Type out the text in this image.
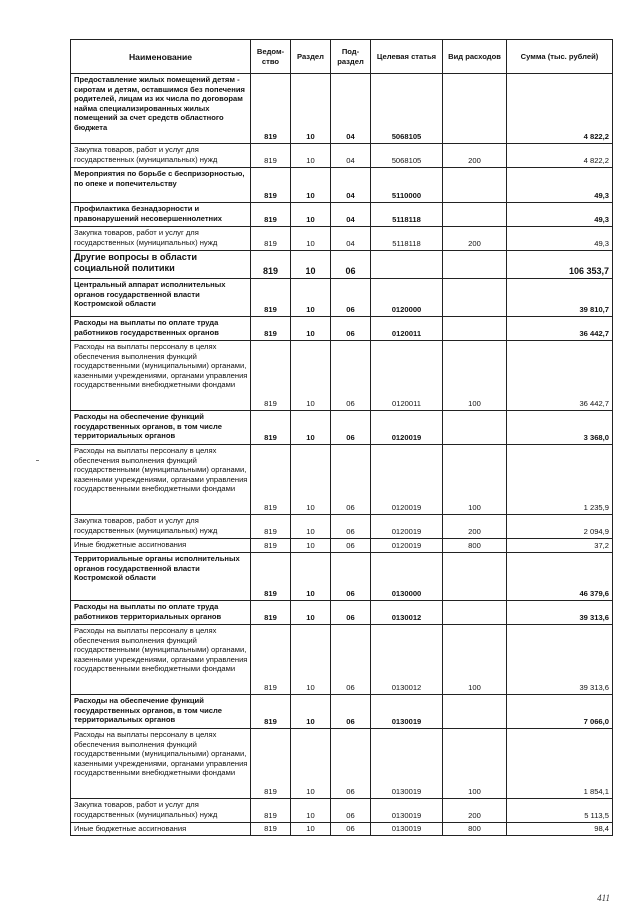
Наименование	Ведом-ство	Раздел	Под-раздел	Целевая статья	Вид расходов	Сумма (тыс. рублей)
Предоставление жилых помещений детям - сиротам и детям, оставшимся без попечения родителей, лицам из их числа по договорам найма специализированных жилых помещений за счет средств областного бюджета	819	10	04	5068105		4 822,2
Закупка товаров, работ и услуг для государственных (муниципальных) нужд	819	10	04	5068105	200	4 822,2
Мероприятия по борьбе с беспризорностью, по опеке и попечительству	819	10	04	5110000		49,3
Профилактика безнадзорности и правонарушений несовершеннолетних	819	10	04	5118118		49,3
Закупка товаров, работ и услуг для государственных (муниципальных) нужд	819	10	04	5118118	200	49,3
Другие вопросы в области социальной политики	819	10	06			106 353,7
Центральный аппарат исполнительных органов государственной власти Костромской области	819	10	06	0120000		39 810,7
Расходы на выплаты по оплате труда работников государственных органов	819	10	06	0120011		36 442,7
Расходы на выплаты персоналу в целях обеспечения выполнения функций государственными (муниципальными) органами, казенными учреждениями, органами управления государственными внебюджетными фондами	819	10	06	0120011	100	36 442,7
Расходы на обеспечение функций государственных органов, в том числе территориальных органов	819	10	06	0120019		3 368,0
Расходы на выплаты персоналу в целях обеспечения выполнения функций государственными (муниципальными) органами, казенными учреждениями, органами управления государственными внебюджетными фондами	819	10	06	0120019	100	1 235,9
Закупка товаров, работ и услуг для государственных (муниципальных) нужд	819	10	06	0120019	200	2 094,9
Иные бюджетные ассигнования	819	10	06	0120019	800	37,2
Территориальные органы исполнительных органов государственной власти Костромской области	819	10	06	0130000		46 379,6
Расходы на выплаты по оплате труда работников территориальных органов	819	10	06	0130012		39 313,6
Расходы на выплаты персоналу в целях обеспечения выполнения функций государственными (муниципальными) органами, казенными учреждениями, органами управления государственными внебюджетными фондами	819	10	06	0130012	100	39 313,6
Расходы на обеспечение функций государственных органов, в том числе территориальных органов	819	10	06	0130019		7 066,0
Расходы на выплаты персоналу в целях обеспечения выполнения функций государственными (муниципальными) органами, казенными учреждениями, органами управления государственными внебюджетными фондами	819	10	06	0130019	100	1 854,1
Закупка товаров, работ и услуг для государственных (муниципальных) нужд	819	10	06	0130019	200	5 113,5
Иные бюджетные ассигнования	819	10	06	0130019	800	98,4
411
